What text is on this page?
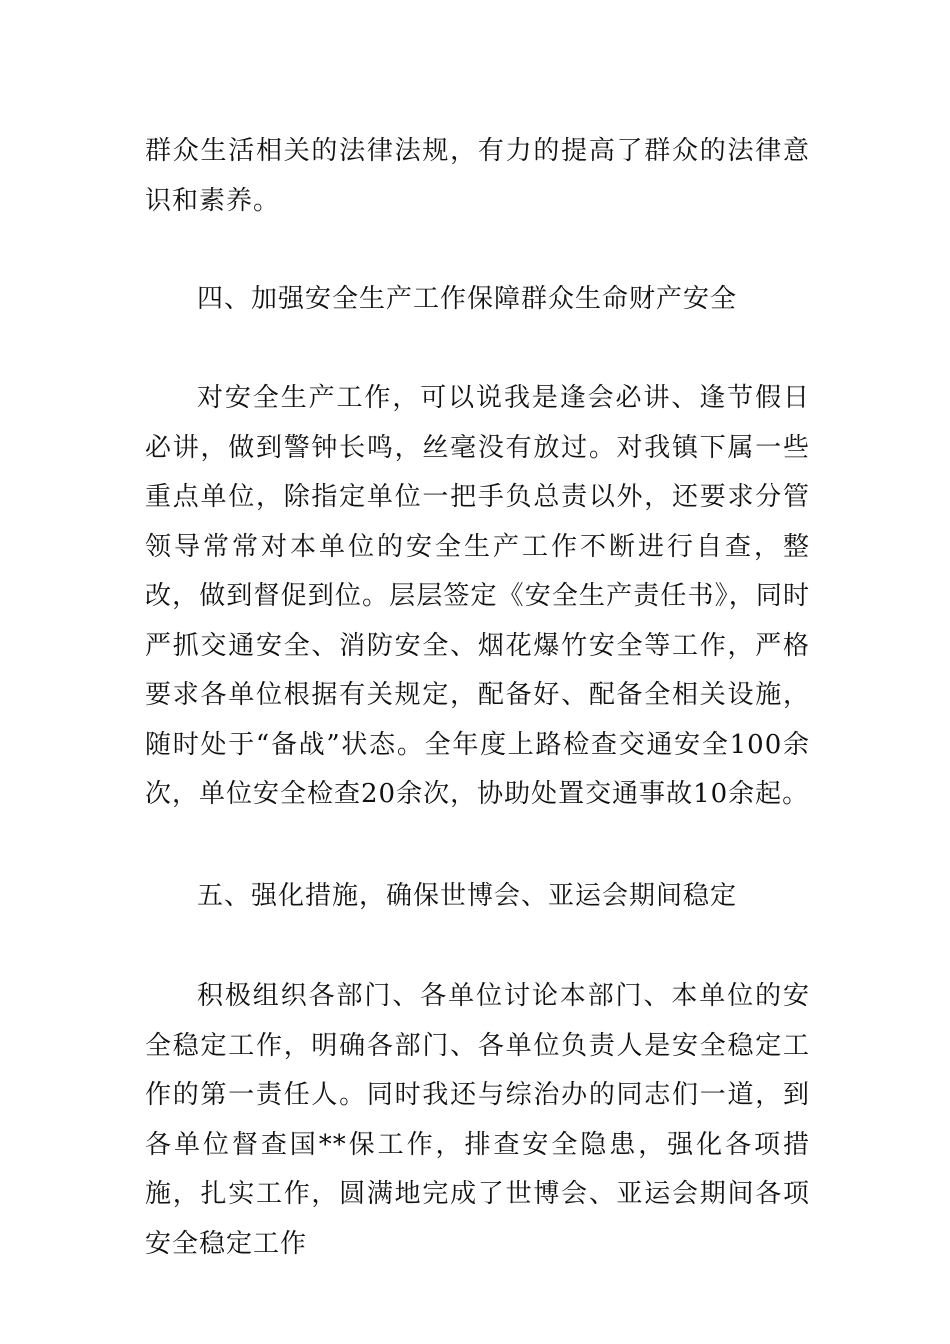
群众生活相关的法律法规，有力的提高了群众的法律意识和素养。

四、加强安全生产工作保障群众生命财产安全

对安全生产工作，可以说我是逢会必讲、逢节假日必讲，做到警钟长鸣，丝毫没有放过。对我镇下属一些重点单位，除指定单位一把手负总责以外，还要求分管领导常常对本单位的安全生产工作不断进行自查，整改，做到督促到位。层层签定《安全生产责任书》，同时严抓交通安全、消防安全、烟花爆竹安全等工作，严格要求各单位根据有关规定，配备好、配备全相关设施，随时处于“备战”状态。全年度上路检查交通安全100余次，单位安全检查20余次，协助处置交通事故10余起。

五、强化措施，确保世博会、亚运会期间稳定

积极组织各部门、各单位讨论本部门、本单位的安全稳定工作，明确各部门、各单位负责人是安全稳定工作的第一责任人。同时我还与综治办的同志们一道，到各单位督查国**保工作，排查安全隐患，强化各项措施，扎实工作，圆满地完成了世博会、亚运会期间各项安全稳定工作
